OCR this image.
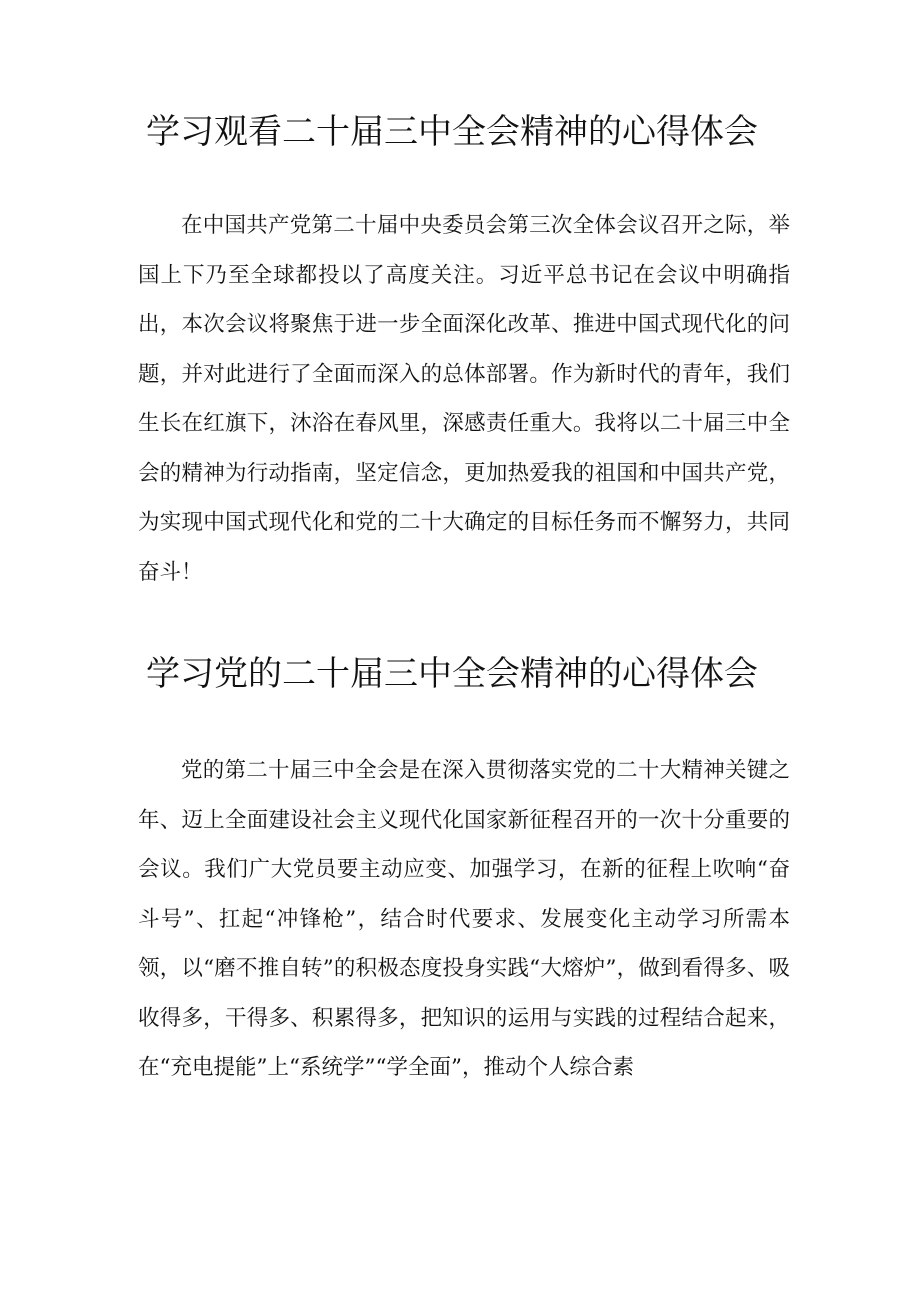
学习观看二十届三中全会精神的心得体会

在中国共产党第二十届中央委员会第三次全体会议召开之际，举国上下乃至全球都投以了高度关注。习近平总书记在会议中明确指出，本次会议将聚焦于进一步全面深化改革、推进中国式现代化的问题，并对此进行了全面而深入的总体部署。作为新时代的青年，我们生长在红旗下，沐浴在春风里，深感责任重大。我将以二十届三中全会的精神为行动指南，坚定信念，更加热爱我的祖国和中国共产党，为实现中国式现代化和党的二十大确定的目标任务而不懈努力，共同奋斗！

学习党的二十届三中全会精神的心得体会

党的第二十届三中全会是在深入贯彻落实党的二十大精神关键之年、迈上全面建设社会主义现代化国家新征程召开的一次十分重要的会议。我们广大党员要主动应变、加强学习，在新的征程上吹响“奋斗号”、扛起“冲锋枪”，结合时代要求、发展变化主动学习所需本领，以“磨不推自转”的积极态度投身实践“大熔炉”，做到看得多、吸收得多，干得多、积累得多，把知识的运用与实践的过程结合起来，在“充电提能”上“系统学”“学全面”，推动个人综合素
